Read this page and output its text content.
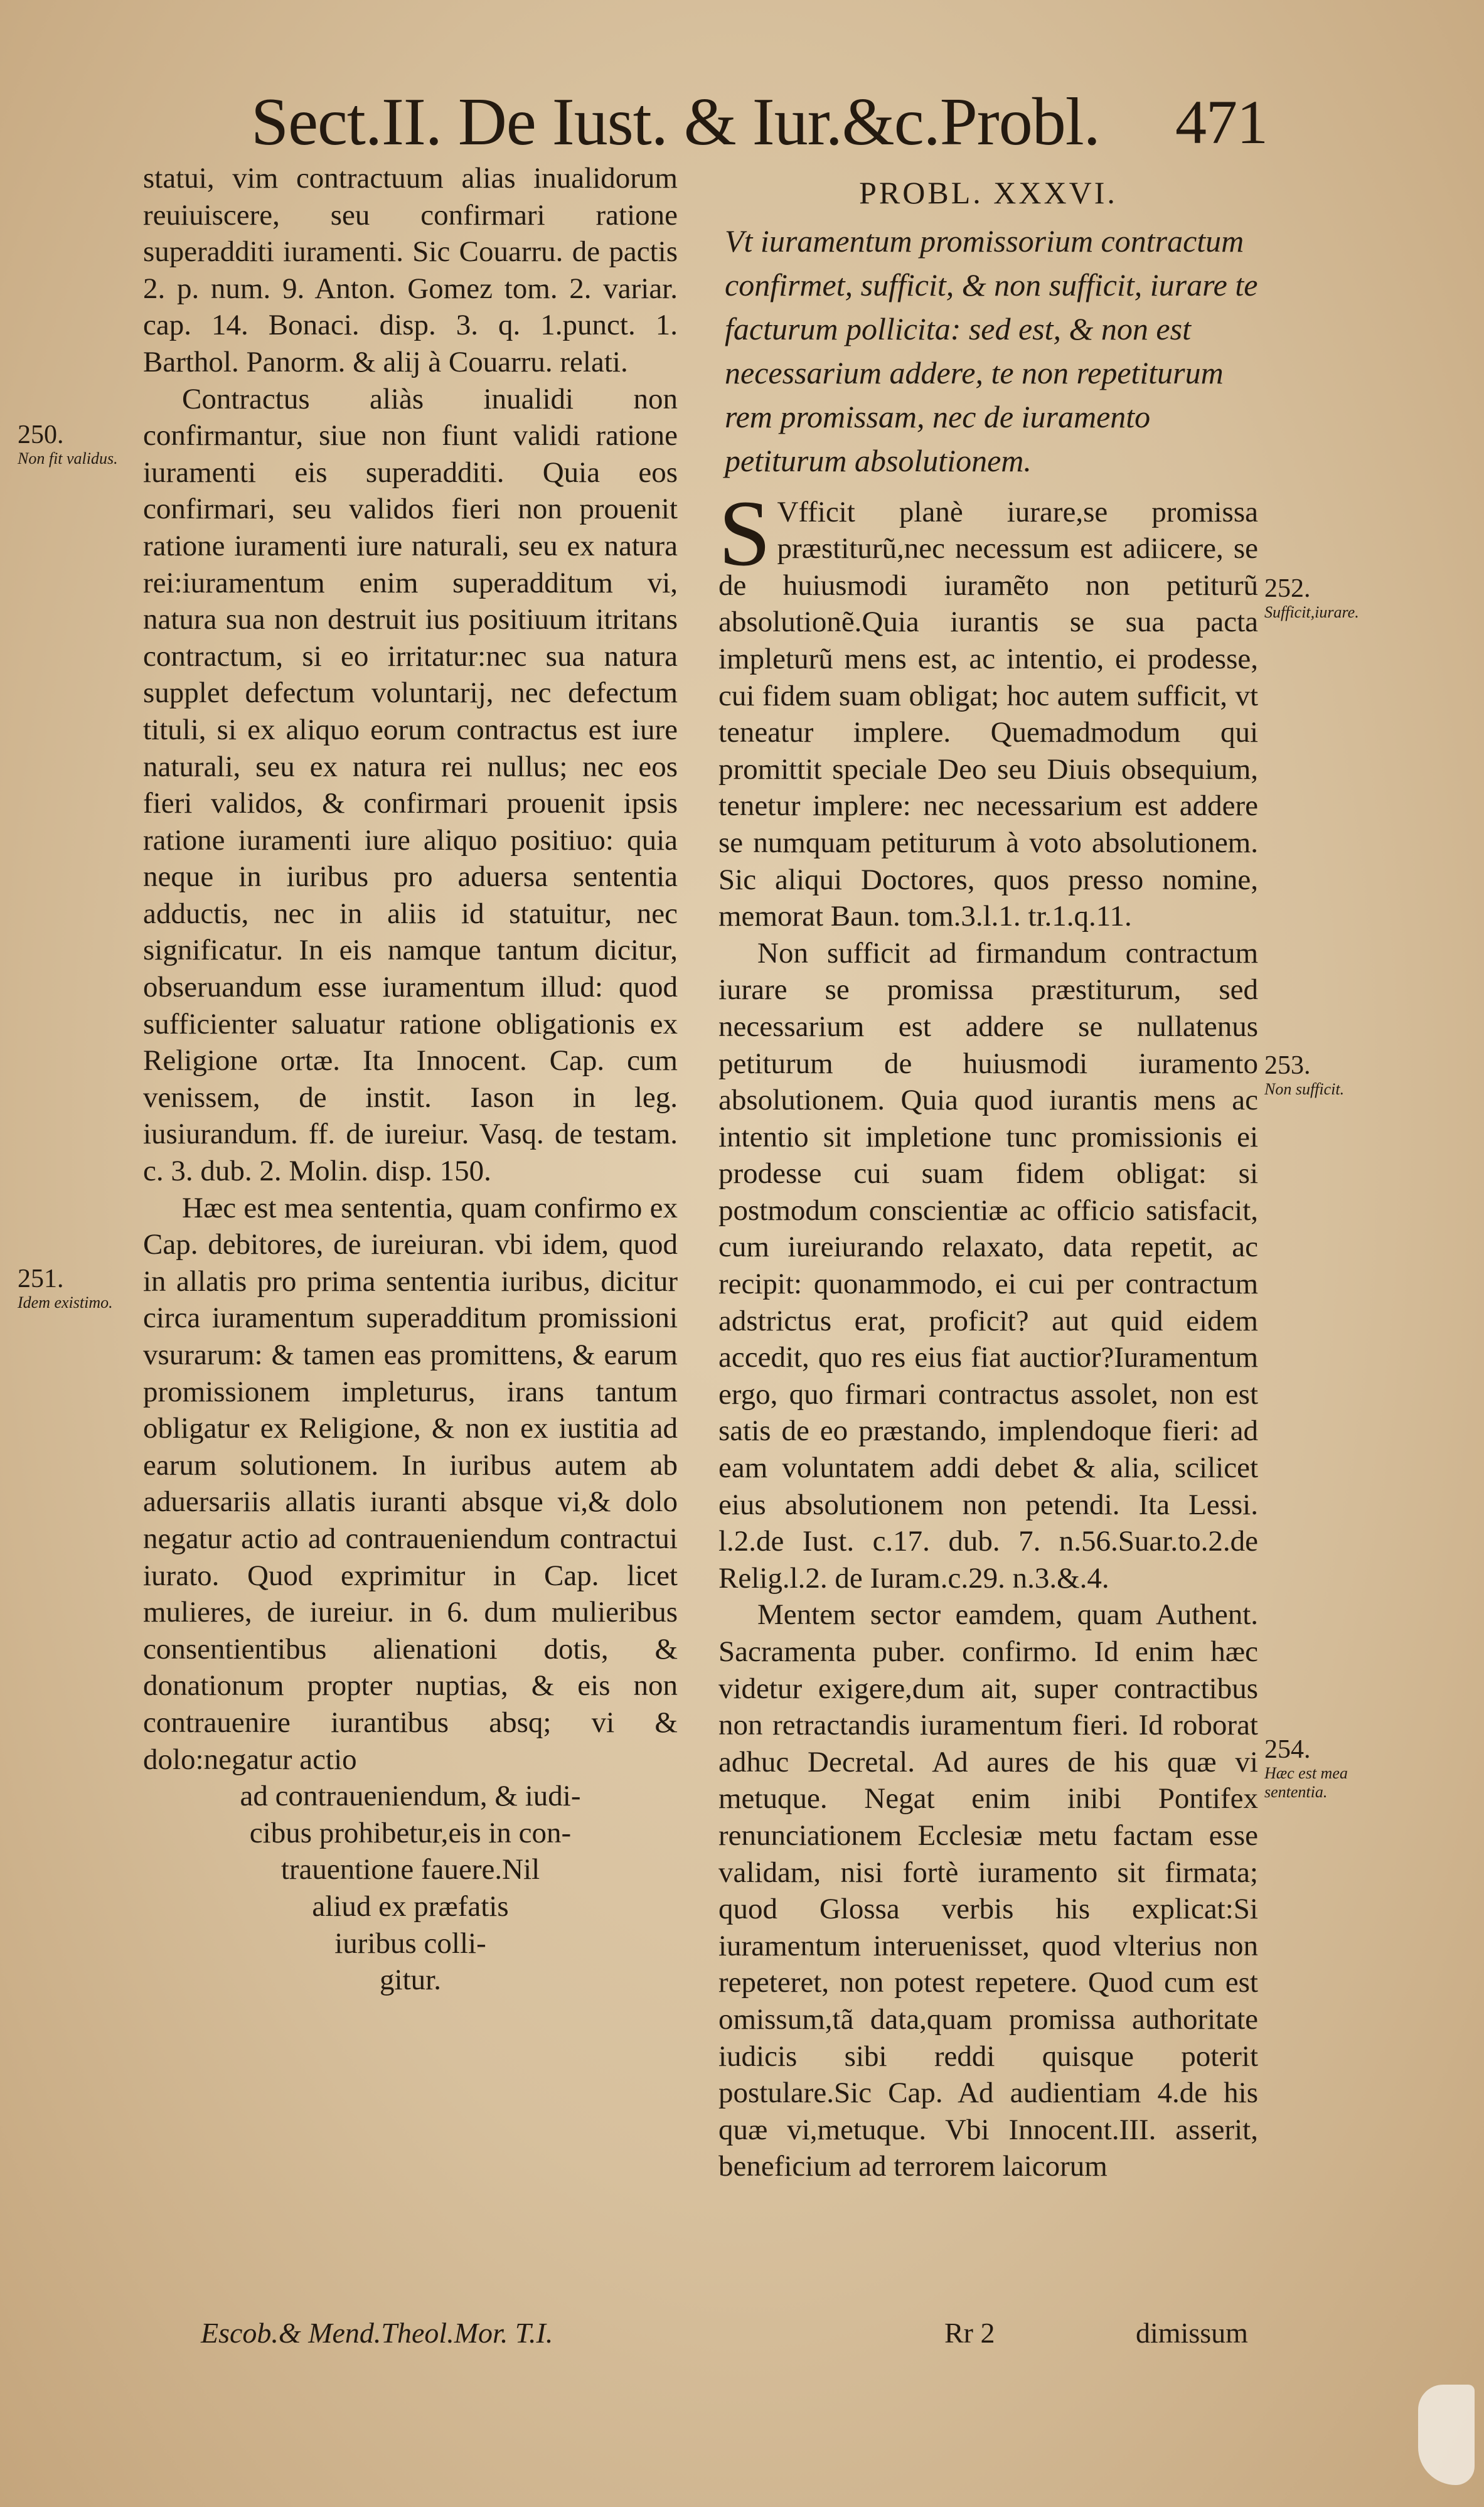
Sect.II. De Iust. & Iur.&c.Probl. 471

statui, vim contractuum alias inualidorum reuiuiscere, seu confirmari ratione superadditi iuramenti. Sic Couarru. de pactis 2. p. num. 9. Anton. Gomez tom. 2. variar. cap. 14. Bonaci. disp. 3. q. 1.punct. 1. Barthol. Panorm. & alij à Couarru. relati.

Contractus aliàs inualidi non confirmantur, siue non fiunt validi ratione iuramenti eis superadditi. Quia eos confirmari, seu validos fieri non prouenit ratione iuramenti iure naturali, seu ex natura rei:iuramentum enim superadditum vi, natura sua non destruit ius positiuum itritans contractum, si eo irritatur:nec sua natura supplet defectum voluntarij, nec defectum tituli, si ex aliquo eorum contractus est iure naturali, seu ex natura rei nullus; nec eos fieri validos, & confirmari prouenit ipsis ratione iuramenti iure aliquo positiuo: quia neque in iuribus pro aduersa sententia adductis, nec in aliis id statuitur, nec significatur. In eis namque tantum dicitur, obseruandum esse iuramentum illud: quod sufficienter saluatur ratione obligationis ex Religione ortæ. Ita Innocent. Cap. cum venissem, de instit. Iason in leg. iusiurandum. ff. de iureiur. Vasq. de testam. c. 3. dub. 2. Molin. disp. 150.

Hæc est mea sententia, quam confirmo ex Cap. debitores, de iureiuran. vbi idem, quod in allatis pro prima sententia iuribus, dicitur circa iuramentum superadditum promissioni vsurarum: & tamen eas promittens, & earum promissionem impleturus, irans tantum obligatur ex Religione, & non ex iustitia ad earum solutionem. In iuribus autem ab aduersariis allatis iuranti absque vi,& dolo negatur actio ad contraueniendum contractui iurato. Quod exprimitur in Cap. licet mulieres, de iureiur. in 6. dum mulieribus consentientibus alienationi dotis, & donationum propter nuptias, & eis non contrauenire iurantibus absq; vi & dolo:negatur actio

ad contraueniendum, & iudi-
cibus prohibetur,eis in con-
trauentione fauere.Nil
aliud ex præfatis
iuribus colli-
gitur.

PROBL. XXXVI.

Vt iuramentum promissorium contractum confirmet, sufficit, & non sufficit, iurare te facturum pollicita: sed est, & non est necessarium addere, te non repetiturum rem promissam, nec de iuramento petiturum absolutionem.

S Vfficit planè iurare,se promissa præstiturũ,nec necessum est adiicere, se de huiusmodi iuramẽto non petiturũ absolutionẽ.Quia iurantis se sua pacta impleturũ mens est, ac intentio, ei prodesse, cui fidem suam obligat; hoc autem sufficit, vt teneatur implere. Quemadmodum qui promittit speciale Deo seu Diuis obsequium, tenetur implere: nec necessarium est addere se numquam petiturum à voto absolutionem. Sic aliqui Doctores, quos presso nomine, memorat Baun. tom.3.l.1. tr.1.q.11.

Non sufficit ad firmandum contractum iurare se promissa præstiturum, sed necessarium est addere se nullatenus petiturum de huiusmodi iuramento absolutionem. Quia quod iurantis mens ac intentio sit impletione tunc promissionis ei prodesse cui suam fidem obligat: si postmodum conscientiæ ac officio satisfacit, cum iureiurando relaxato, data repetit, ac recipit: quonammodo, ei cui per contractum adstrictus erat, proficit? aut quid eidem accedit, quo res eius fiat auctior?Iuramentum ergo, quo firmari contractus assolet, non est satis de eo præstando, implendoque fieri: ad eam voluntatem addi debet & alia, scilicet eius absolutionem non petendi. Ita Lessi. l.2.de Iust. c.17. dub. 7. n.56.Suar.to.2.de Relig.l.2. de Iuram.c.29. n.3.&.4.

Mentem sector eamdem, quam Authent. Sacramenta puber. confirmo. Id enim hæc videtur exigere,dum ait, super contractibus non retractandis iuramentum fieri. Id roborat adhuc Decretal. Ad aures de his quæ vi metuque. Negat enim inibi Pontifex renunciationem Ecclesiæ metu factam esse validam, nisi fortè iuramento sit firmata; quod Glossa verbis his explicat:Si iuramentum interuenisset, quod vlterius non repeteret, non potest repetere. Quod cum est omissum,tã data,quam promissa authoritate iudicis sibi reddi quisque poterit postulare.Sic Cap. Ad audientiam 4.de his quæ vi,metuque. Vbi Innocent.III. asserit, beneficium ad terrorem laicorum

250.
Non fit validus.
251.
Idem existimo.
252.
Sufficit,iurare.
253.
Non sufficit.
254.
Hæc est mea sententia.
Escob.& Mend.Theol.Mor. T.I.	Rr 2	dimissum
